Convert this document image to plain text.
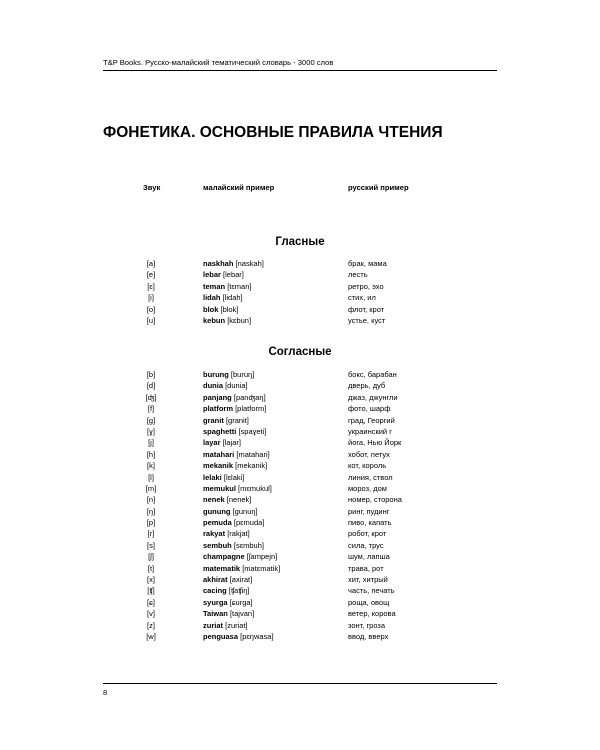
T&P Books. Русско-малайский тематический словарь - 3000 слов
ФОНЕТИКА. ОСНОВНЫЕ ПРАВИЛА ЧТЕНИЯ
Звук	малайский пример	русский пример
Гласные
[a]	naskhah [naskah]	брак, мама
[e]	lebar [lebar]	лесть
[ɛ]	teman [tɛman]	ретро, эхо
[i]	lidah [lidah]	стих, ил
[o]	blok [blok]	флот, крот
[u]	kebun [kɛbun]	устье, куст
Согласные
[b]	burung [buruŋ]	бокс, барабан
[d]	dunia [dunia]	дверь, дуб
[ʤ]	panjang [panʤaŋ]	джаз, джунгли
[f]	platform [platform]	фото, шарф
[g]	granit [granit]	град, Георгий
[ɣ]	spaghetti [spaɣeti]	украинский г
[j]	layar [lajar]	йога, Нью Йорк
[h]	matahari [matahari]	хобот, петух
[k]	mekanik [mekanik]	кот, король
[l]	lelaki [lɛlaki]	линия, ствол
[m]	memukul [mɛmukul]	мороз, дом
[n]	nenek [nenek]	номер, сторона
[ŋ]	gunung [gunuŋ]	ринг, пудинг
[p]	pemuda [pɛmuda]	пиво, капать
[r]	rakyat [rakjat]	робот, крот
[s]	sembuh [sɛmbuh]	сила, трус
[ʃ]	champagne [ʃampejn]	шум, лапша
[t]	matematik [matɛmatik]	трава, рот
[x]	akhirat [axirat]	хит, хитрый
[ʧ]	cacing [ʧaʧiŋ]	часть, печать
[ɕ]	syurga [ɕurga]	роща, овощ
[v]	Taiwan [tajvan]	ветер, корова
[z]	zuriat [zuriat]	зонт, гроза
[w]	penguasa [pɛŋwasa]	ввод, вверх
8
